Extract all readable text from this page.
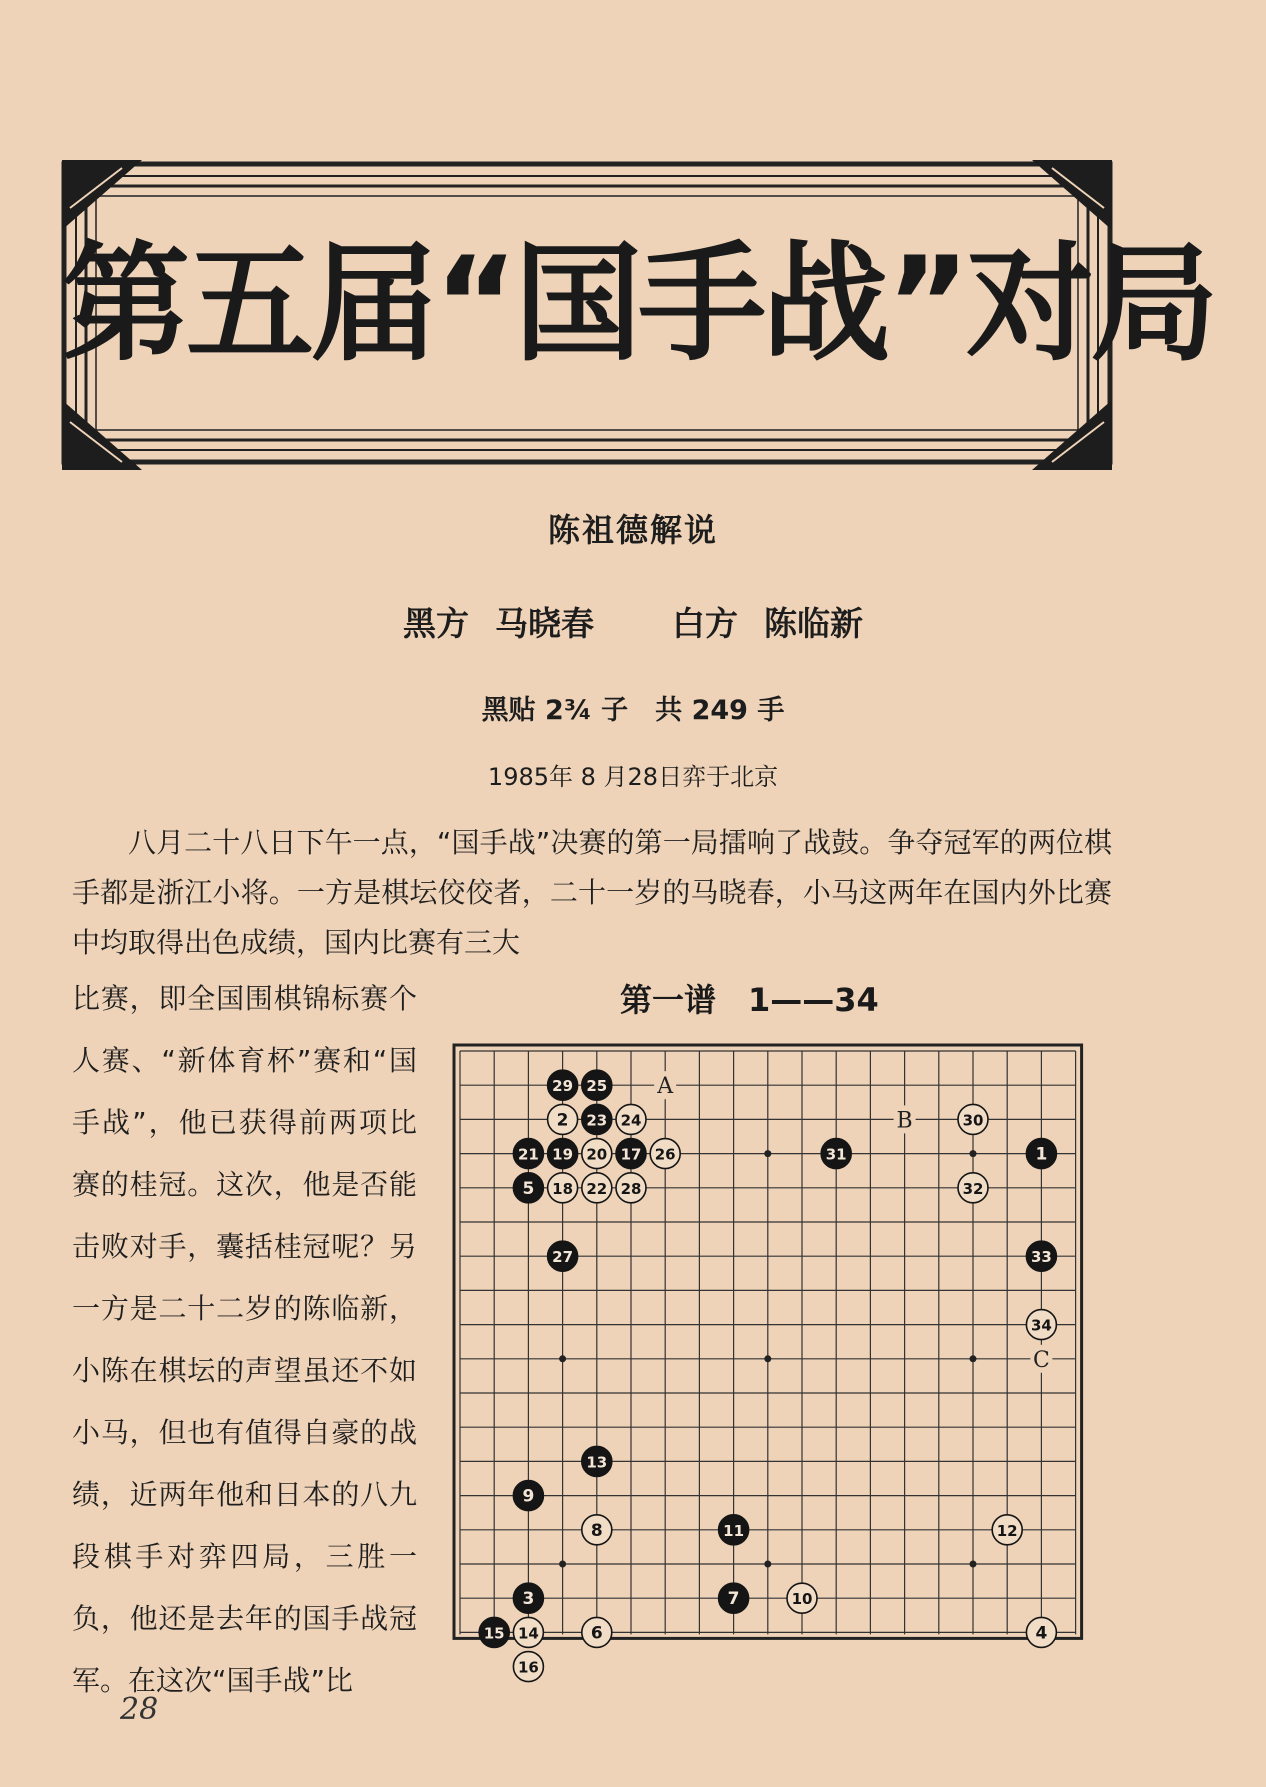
第五届“国手战”对局
陈祖德解说
黑方 马晓春 白方 陈临新
黑贴 2¾ 子　共 249 手
1985年 8 月28日弈于北京
八月二十八日下午一点，“国手战”决赛的第一局擂响了战鼓。争夺冠军的两位棋手都是浙江小将。一方是棋坛佼佼者，二十一岁的马晓春，小马这两年在国内外比赛中均取得出色成绩，国内比赛有三大
比赛，即全国围棋锦标赛个人赛、“新体育杯”赛和“国手战”，他已获得前两项比赛的桂冠。这次，他是否能击败对手，囊括桂冠呢？另一方是二十二岁的陈临新，小陈在棋坛的声望虽还不如小马，但也有值得自豪的战绩，近两年他和日本的八九段棋手对弈四局，三胜一负，他还是去年的国手战冠军。在这次“国手战”比
第一谱　1——34
A
B
C
1
2
3
4
5
6
7
8
9
10
11	12
13
14
15
16
17
18
19 20
21
22
23 24
25
26
27
28
29
30
31
32
33
34
28
